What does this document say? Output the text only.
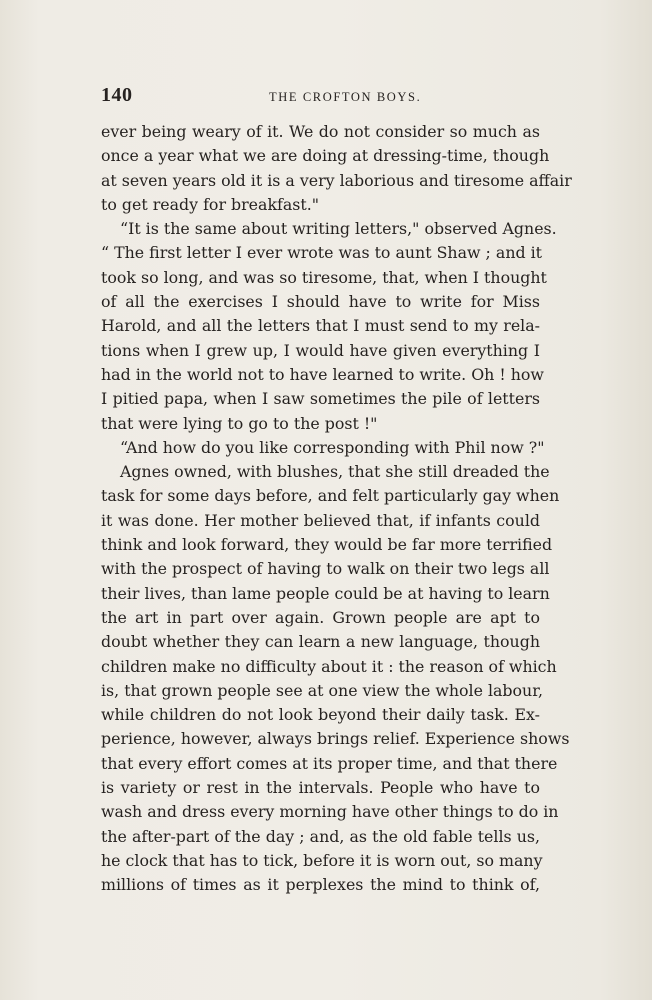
140	THE CROFTON BOYS.
ever being weary of it. We do not consider so much as
once a year what we are doing at dressing-time, though
at seven years old it is a very laborious and tiresome affair
to get ready for breakfast."
“It is the same about writing letters," observed Agnes.
“ The first letter I ever wrote was to aunt Shaw ; and it
took so long, and was so tiresome, that, when I thought
of all the exercises I should have to write for Miss
Harold, and all the letters that I must send to my rela-
tions when I grew up, I would have given everything I
had in the world not to have learned to write. Oh ! how
I pitied papa, when I saw sometimes the pile of letters
that were lying to go to the post !"
“And how do you like corresponding with Phil now ?"
Agnes owned, with blushes, that she still dreaded the
task for some days before, and felt particularly gay when
it was done. Her mother believed that, if infants could
think and look forward, they would be far more terrified
with the prospect of having to walk on their two legs all
their lives, than lame people could be at having to learn
the art in part over again. Grown people are apt to
doubt whether they can learn a new language, though
children make no difficulty about it : the reason of which
is, that grown people see at one view the whole labour,
while children do not look beyond their daily task. Ex-
perience, however, always brings relief. Experience shows
that every effort comes at its proper time, and that there
is variety or rest in the intervals. People who have to
wash and dress every morning have other things to do in
the after-part of the day ; and, as the old fable tells us,
he clock that has to tick, before it is worn out, so many
millions of times as it perplexes the mind to think of,
